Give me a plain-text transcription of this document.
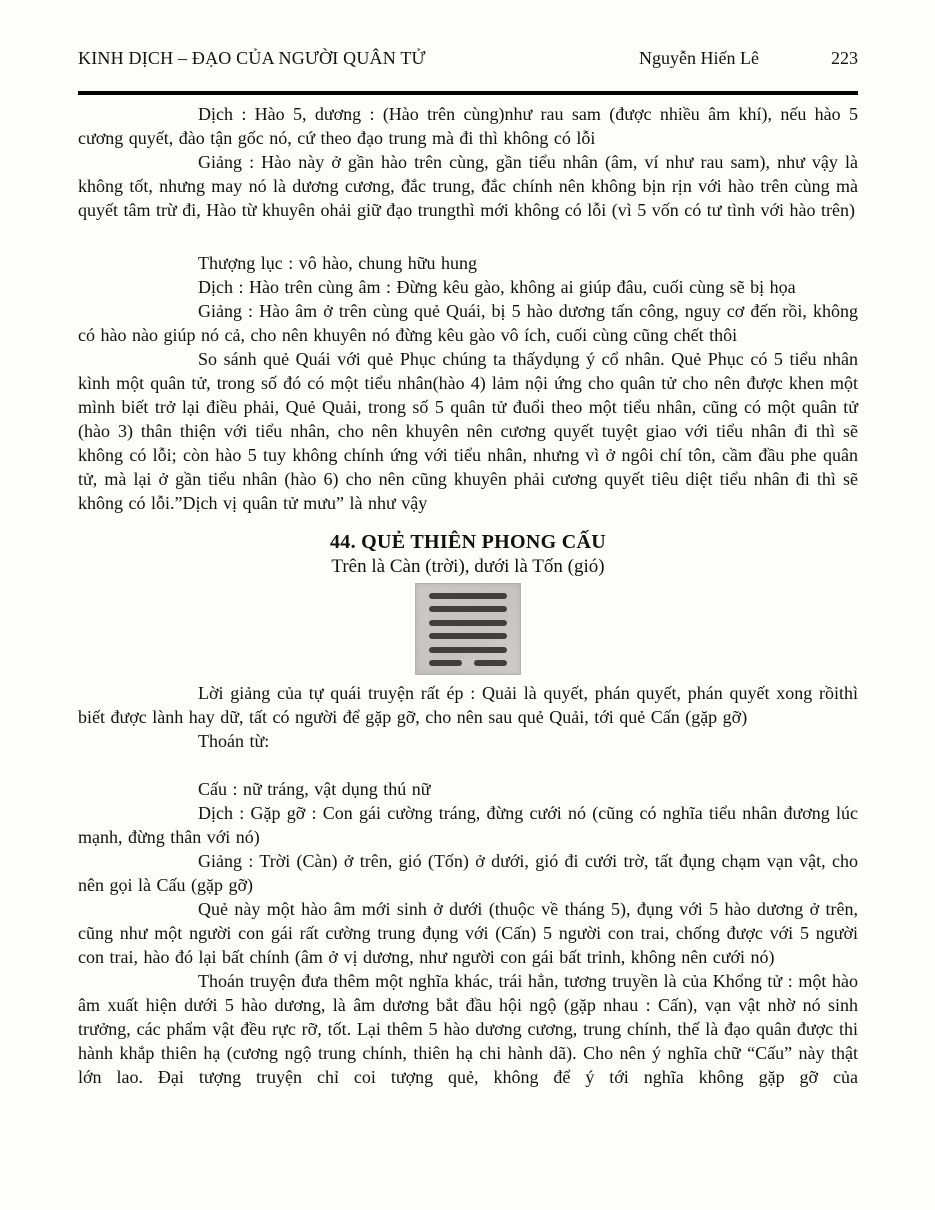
KINH DỊCH – ĐẠO CỦA NGƯỜI QUÂN TỬ	Nguyễn Hiến Lê	223

Dịch : Hào 5, dương : (Hào trên cùng)như rau sam (được nhiều âm khí), nếu hào 5 cương quyết, đào tận gốc nó, cứ theo đạo trung mà đi thì không có lỗi

Giảng : Hào này ở gần hào trên cùng, gần tiểu nhân (âm, ví như rau sam), như vậy là không tốt, nhưng may nó là dương cương, đắc trung, đắc chính nên không bịn rịn với hào trên cùng mà quyết tâm trừ đi, Hào từ khuyên ohải giữ đạo trungthì mới không có lỗi (vì 5 vốn có tư tình với hào trên)

Thượng lục : vô hào, chung hữu hung

Dịch : Hào trên cùng âm : Đừng kêu gào, không ai giúp đâu, cuối cùng sẽ bị họa

Giảng : Hào âm ở trên cùng quẻ Quái, bị 5 hào dương tấn công, nguy cơ đến rồi, không có hào nào giúp nó cả, cho nên khuyên nó đừng kêu gào vô ích, cuối cùng cũng chết thôi

So sánh quẻ Quái với quẻ Phục chúng ta thấydụng ý cổ nhân. Quẻ Phục có 5 tiểu nhân kình một quân tử, trong số đó có một tiểu nhân(hào 4) lảm nội ứng cho quân tử cho nên được khen một mình biết trở lại điều phải, Quẻ Quải, trong số 5 quân tử đuổi theo một tiểu nhân, cũng có một quân tử (hào 3) thân thiện với tiểu nhân, cho nên khuyên nên cương quyết tuyệt giao với tiểu nhân đi thì sẽ không có lỗi; còn hào 5 tuy không chính ứng với tiểu nhân, nhưng vì ở ngôi chí tôn, cầm đầu phe quân tử, mà lại ở gần tiểu nhân (hào 6) cho nên cũng khuyên phải cương quyết tiêu diệt tiểu nhân đi thì sẽ không có lỗi.”Dịch vị quân tử mưu” là như vậy

44. QUẺ THIÊN PHONG CẤU

Trên là Càn (trời), dưới là Tốn (gió)

Lời giảng của tự quái truyện rất ép : Quải là quyết, phán quyết, phán quyết xong rồithì biết được lành hay dữ, tất có người để gặp gỡ, cho nên sau quẻ Quải, tới quẻ Cấn (gặp gỡ)

Thoán từ:

Cấu : nữ tráng, vật dụng thú nữ

Dịch : Gặp gỡ : Con gái cường tráng, đừng cưới nó (cũng có nghĩa tiểu nhân đương lúc mạnh, đừng thân với nó)

Giảng : Trời (Càn) ở trên, gió (Tốn) ở dưới, gió đi cưới trờ, tất đụng chạm vạn vật, cho nên gọi là Cấu (gặp gỡ)

Quẻ này một hào âm mới sinh ở dưới (thuộc về tháng 5), đụng với 5 hào dương ở trên, cũng như một người con gái rất cường trung đụng với (Cấn) 5 người con trai, chống được với 5 người con trai, hào đó lại bất chính (âm ở vị dương, như người con gái bất trinh, không nên cưới nó)

Thoán truyện đưa thêm một nghĩa khác, trái hẳn, tương truyền là của Khổng tử : một hào âm xuất hiện dưới 5 hào dương, là âm dương bắt đầu hội ngộ (gặp nhau : Cấn), vạn vật nhờ nó sinh trưởng, các phẩm vật đều rực rỡ, tốt. Lại thêm 5 hào dương cương, trung chính, thế là đạo quân được thi hành khắp thiên hạ (cương ngộ trung chính, thiên hạ chi hành dã). Cho nên ý nghĩa chữ “Cấu” này thật lớn lao. Đại tượng truyện chỉ coi tượng quẻ, không để ý tới nghĩa không gặp gỡ của
